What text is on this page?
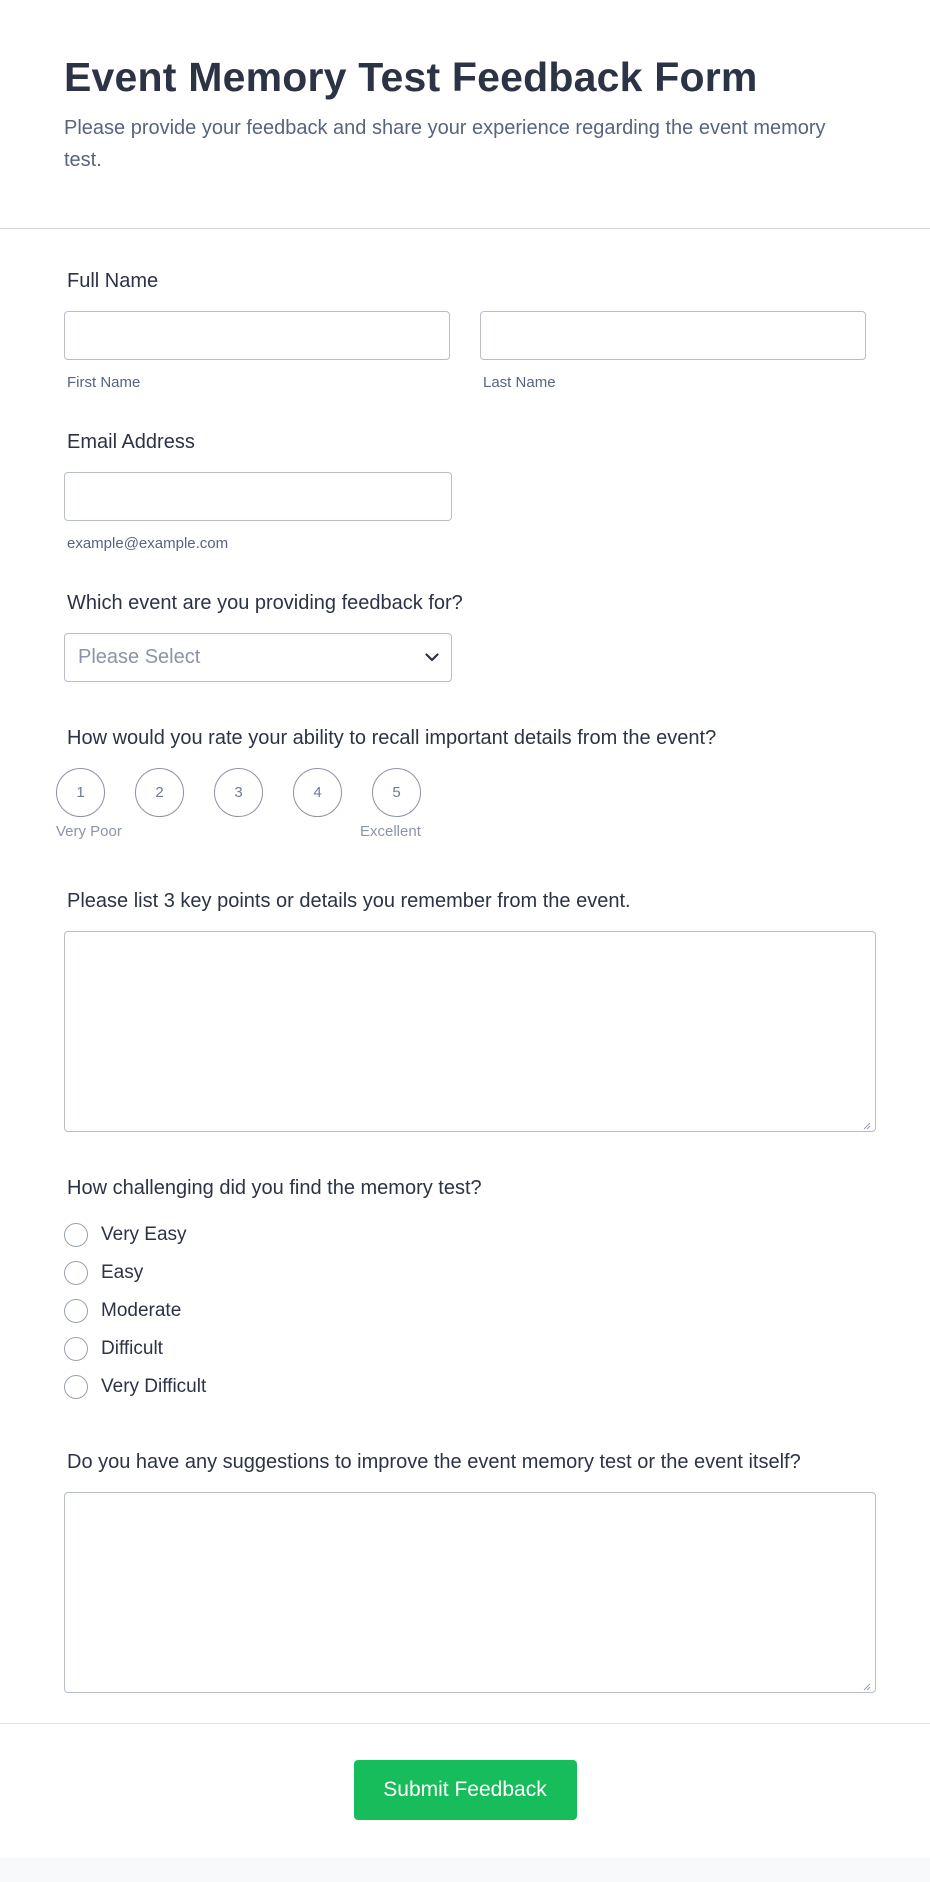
Event Memory Test Feedback Form

Please provide your feedback and share your experience regarding the event memory test.

Full Name
First Name	Last Name
Email Address
example@example.com
Which event are you providing feedback for?
Please Select
How would you rate your ability to recall important details from the event?
1	2	3	4	5
Very Poor	Excellent
Please list 3 key points or details you remember from the event.
How challenging did you find the memory test?
Very Easy
Easy
Moderate
Difficult
Very Difficult
Do you have any suggestions to improve the event memory test or the event itself?
Submit Feedback
